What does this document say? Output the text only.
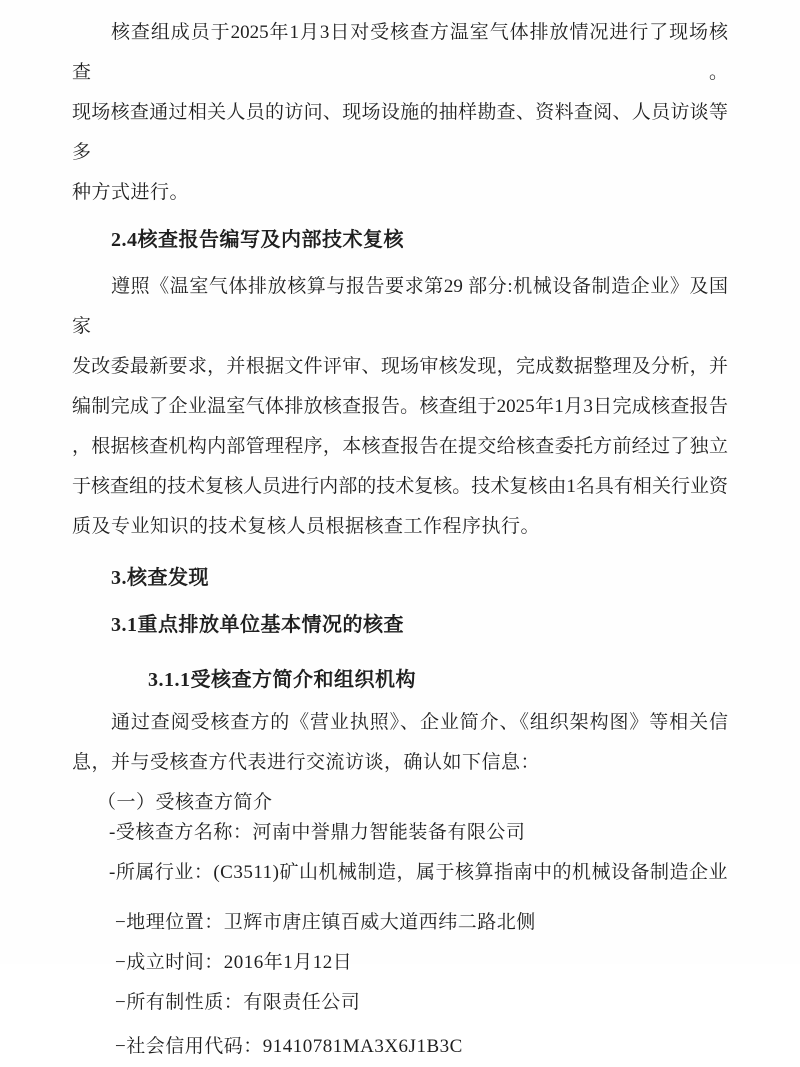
核查组成员于2025年1月3日对受核查方温室气体排放情况进行了现场核查。
现场核查通过相关人员的访问、现场设施的抽样勘查、资料查阅、人员访谈等多
种方式进行。
2.4核查报告编写及内部技术复核
遵照《温室气体排放核算与报告要求第29 部分:机械设备制造企业》及国家
发改委最新要求，并根据文件评审、现场审核发现，完成数据整理及分析，并
编制完成了企业温室气体排放核查报告。核查组于2025年1月3日完成核查报告
，根据核查机构内部管理程序，本核查报告在提交给核查委托方前经过了独立
于核查组的技术复核人员进行内部的技术复核。技术复核由1名具有相关行业资
质及专业知识的技术复核人员根据核查工作程序执行。
3.核查发现
3.1重点排放单位基本情况的核查
3.1.1受核查方简介和组织机构
通过查阅受核查方的《营业执照》、企业简介、《组织架构图》等相关信
息，并与受核查方代表进行交流访谈，确认如下信息：
（一）受核查方简介
-受核查方名称：河南中誉鼎力智能装备有限公司
-所属行业：(C3511)矿山机械制造，属于核算指南中的机械设备制造企业
−地理位置：卫辉市唐庄镇百威大道西纬二路北侧
−成立时间：2016年1月12日
−所有制性质：有限责任公司
−社会信用代码：91410781MA3X6J1B3C
